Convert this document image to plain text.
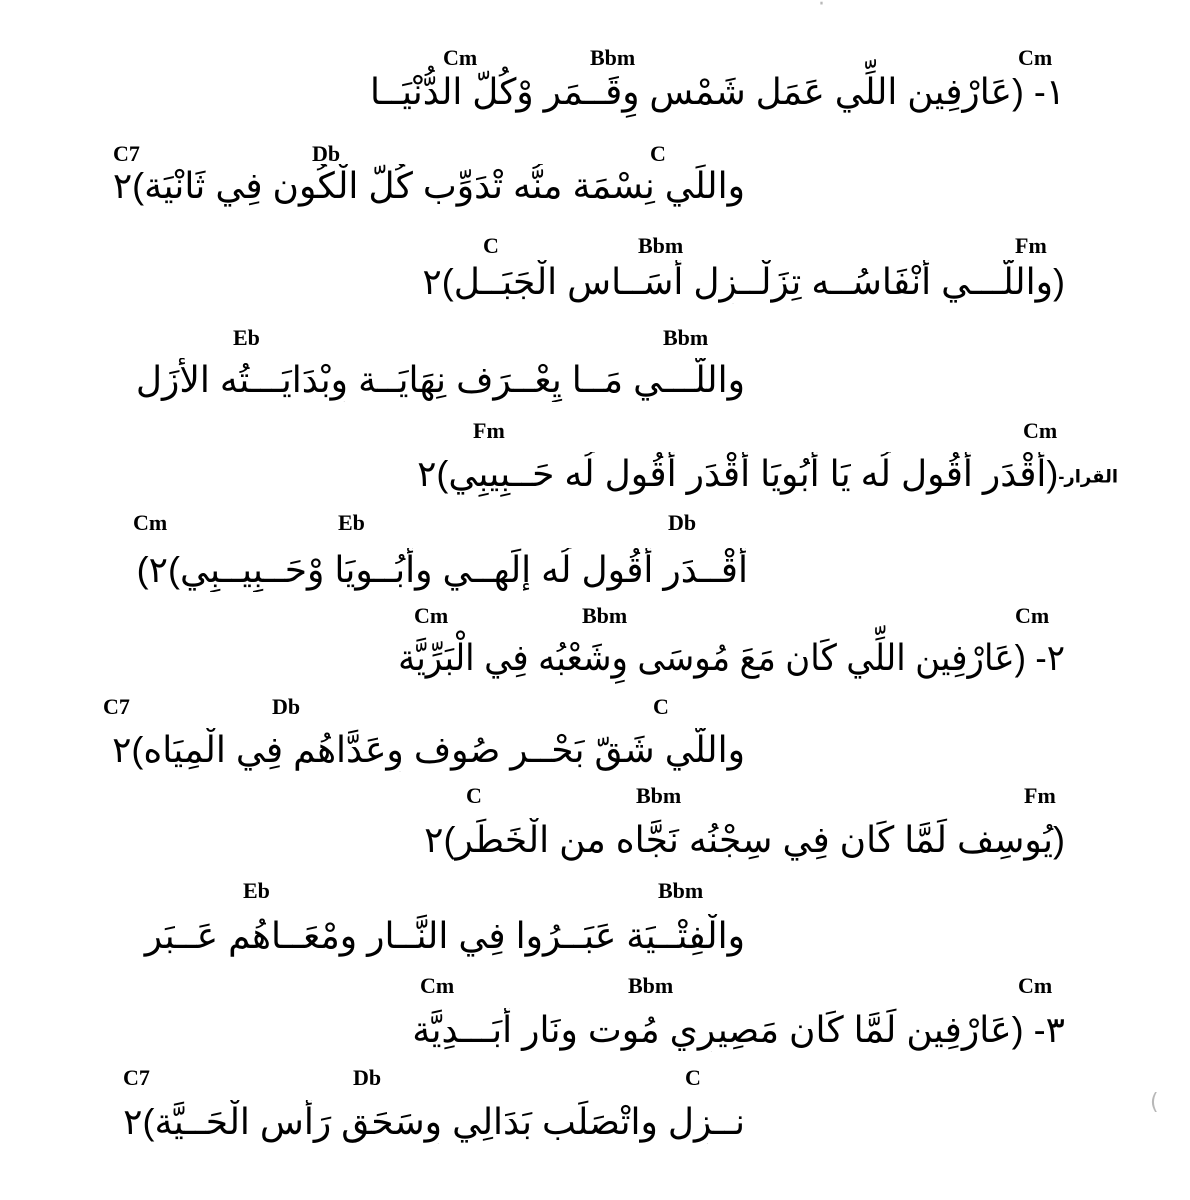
Cm	Bbm	Cm
١- (عَارْفِين اللِّي عَمَل شَمْس وِقَــمَر وْكُلّ الدُّنْيَــا
C7	Db	C
واللِّي نِسْمَة منُّه تْدَوِّب كُلّ الْكُون فِي ثَانْيَة)٢
C	Bbm	Fm
(واللّـــي أَنْفَاسُــه تِزَلْــزِل أَسَــاس الْجَبَــل)٢
Eb	Bbm
واللّـــي مَــا يِعْــرَف نِهَايَــة وِبْدَايَـــتُه الأزَل
Fm	Cm
القرار-(أقْدَر أَقُول لُه يَا أَبُويَا أَقْدَر أَقُول لُه حَــبِيبِي)٢
Cm	Eb	Db
أَقْــدَر أَقُول لُه إلَهِــي وأَبُــويَا وْحَــبِيــبِي)٢)
Cm	Bbm	Cm
٢- (عَارْفِين اللِّي كَان مَعَ مُوسَى وِشَعْبُه فِي الْبَرِّيَّة
C7	Db	C
واللّي شَقّ بَحْــر صُوف وِعَدَّاهُم فِي الْمِيَاه)٢
C	Bbm	Fm
(يُوسِف لَمَّا كَان فِي سِجْنُه نَجَّاه من الْخَطَر)٢
Eb	Bbm
والْفِتْــيَة عَبَــرُوا فِي النَّــار ومْعَــاهُم عَــبَر
Cm	Bbm	Cm
٣- (عَارْفِين لَمَّا كَان مَصِيرِي مُوت ونَار أَبَـــدِيَّة
C7	Db	C
نــزِل واتْصَلَب بَدَالِي وِسَحَق رَأس الْحَــيَّة)٢
·
(
